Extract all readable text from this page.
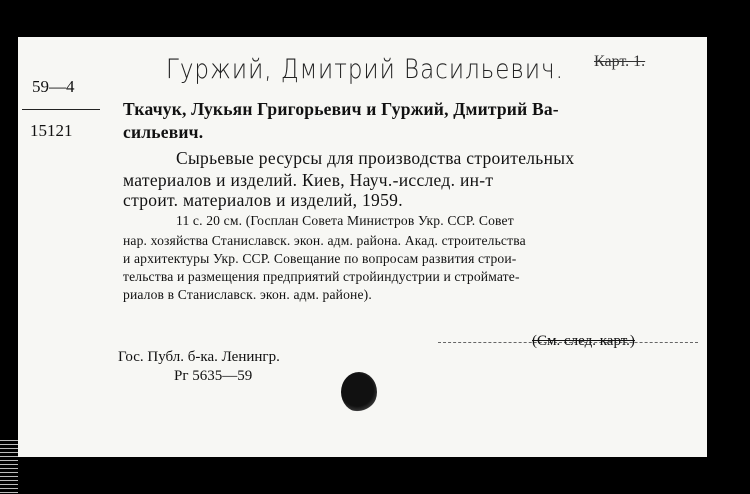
Карт. 1.
Гуржий, Дмитрий Васильевич.
59—4
15121
Ткачук, Лукьян Григорьевич и Гуржий, Дмитрий Ва-
сильевич.
Сырьевые ресурсы для производства строительных
материалов и изделий. Киев, Науч.-исслед. ин-т
строит. материалов и изделий, 1959.
11 с. 20 см. (Госплан Совета Министров Укр. ССР. Совет
нар. хозяйства Станиславск. экон. адм. района. Акад. строительства
и архитектуры Укр. ССР. Совещание по вопросам развития строи-
тельства и размещения предприятий стройиндустрии и стройматe-
риалов в Станиславск. экон. адм. районе).
(См. след. карт.)
Гос. Публ. б-ка. Ленингр.
Рг 5635—59
